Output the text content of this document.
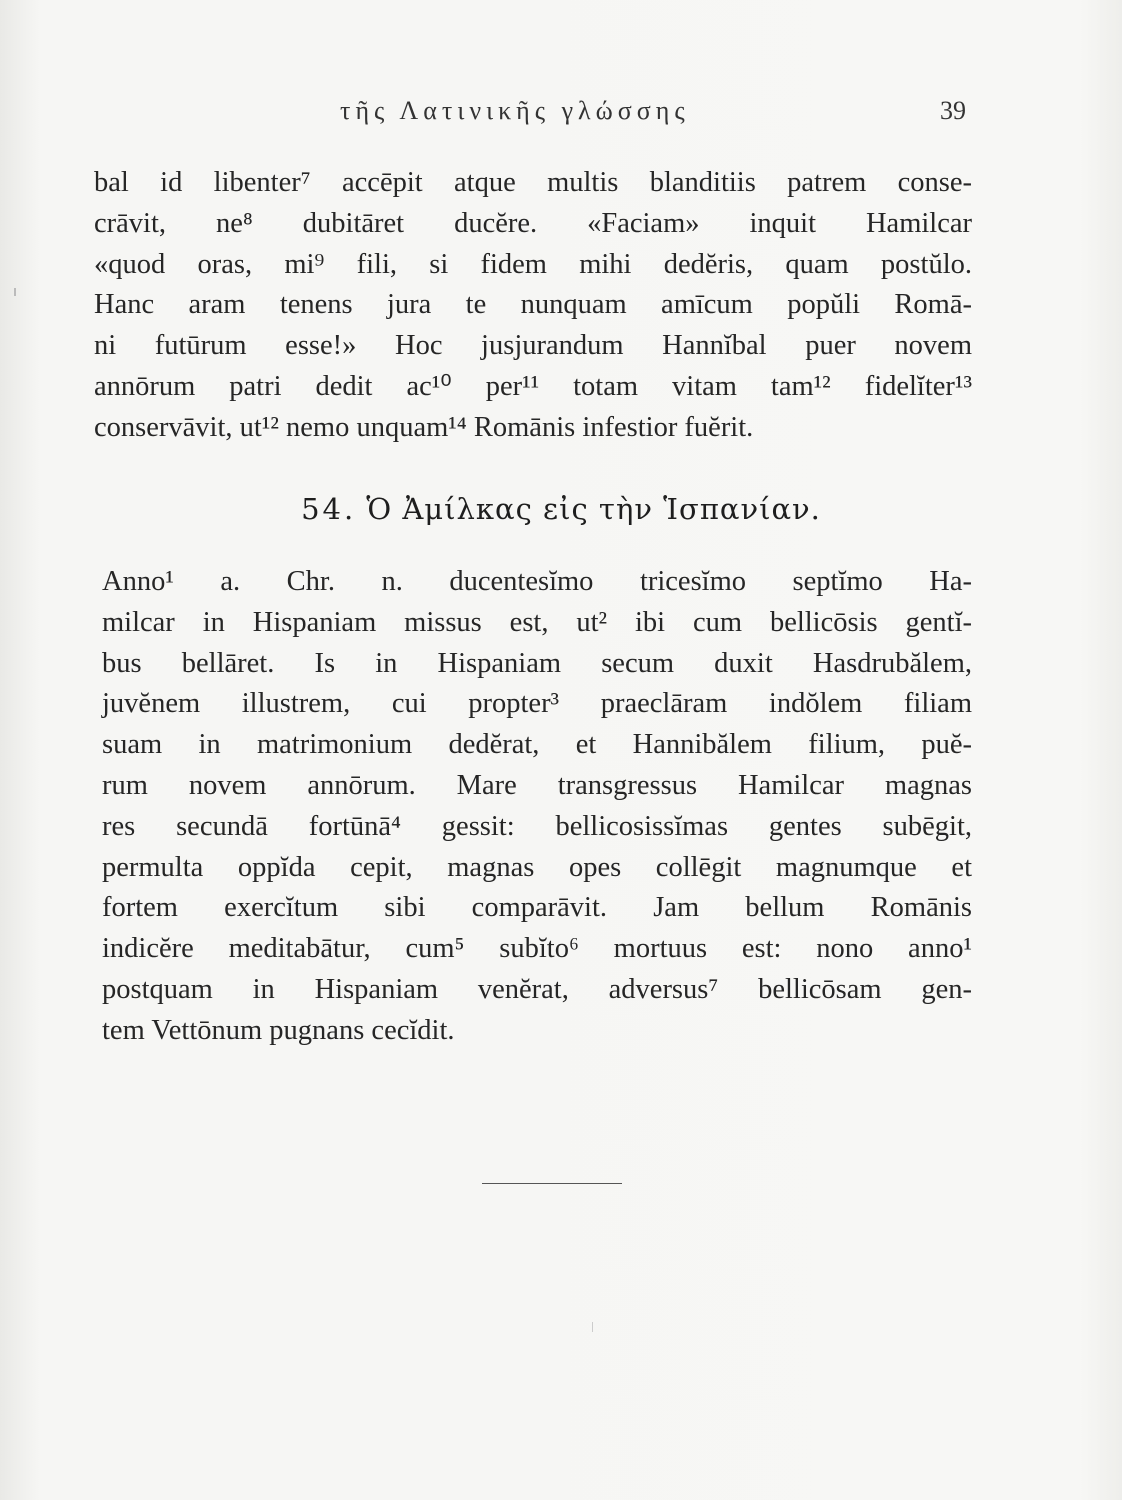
τῆς Λατινικῆς γλώσσης	39

bal id libenter⁷ accēpit atque multis blanditiis patrem conse-
crāvit, ne⁸ dubitāret ducĕre. «Faciam» inquit Hamilcar
«quod oras, mi⁹ fili, si fidem mihi dedĕris, quam postŭlo.
Hanc aram tenens jura te nunquam amīcum popŭli Romā-
ni futūrum esse!» Hoc jusjurandum Hannĭbal puer novem
annōrum patri dedit ac¹⁰ per¹¹ totam vitam tam¹² fidelĭter¹³
conservāvit, ut¹² nemo unquam¹⁴ Romānis infestior fuĕrit.

54. Ὁ Ἀμίλκας εἰς τὴν Ἱσπανίαν.

Anno¹ a. Chr. n. ducentesĭmo tricesĭmo septĭmo Ha-
milcar in Hispaniam missus est, ut² ibi cum bellicōsis gentĭ-
bus bellāret. Is in Hispaniam secum duxit Hasdrubălem,
juvĕnem illustrem, cui propter³ praeclāram indŏlem filiam
suam in matrimonium dedĕrat, et Hannibălem filium, puĕ-
rum novem annōrum. Mare transgressus Hamilcar magnas
res secundā fortūnā⁴ gessit: bellicosissĭmas gentes subēgit,
permulta oppĭda cepit, magnas opes collēgit magnumque et
fortem exercĭtum sibi comparāvit. Jam bellum Romānis
indicĕre meditabātur, cum⁵ subĭto⁶ mortuus est: nono anno¹
postquam in Hispaniam venĕrat, adversus⁷ bellicōsam gen-
tem Vettōnum pugnans cecĭdit.
